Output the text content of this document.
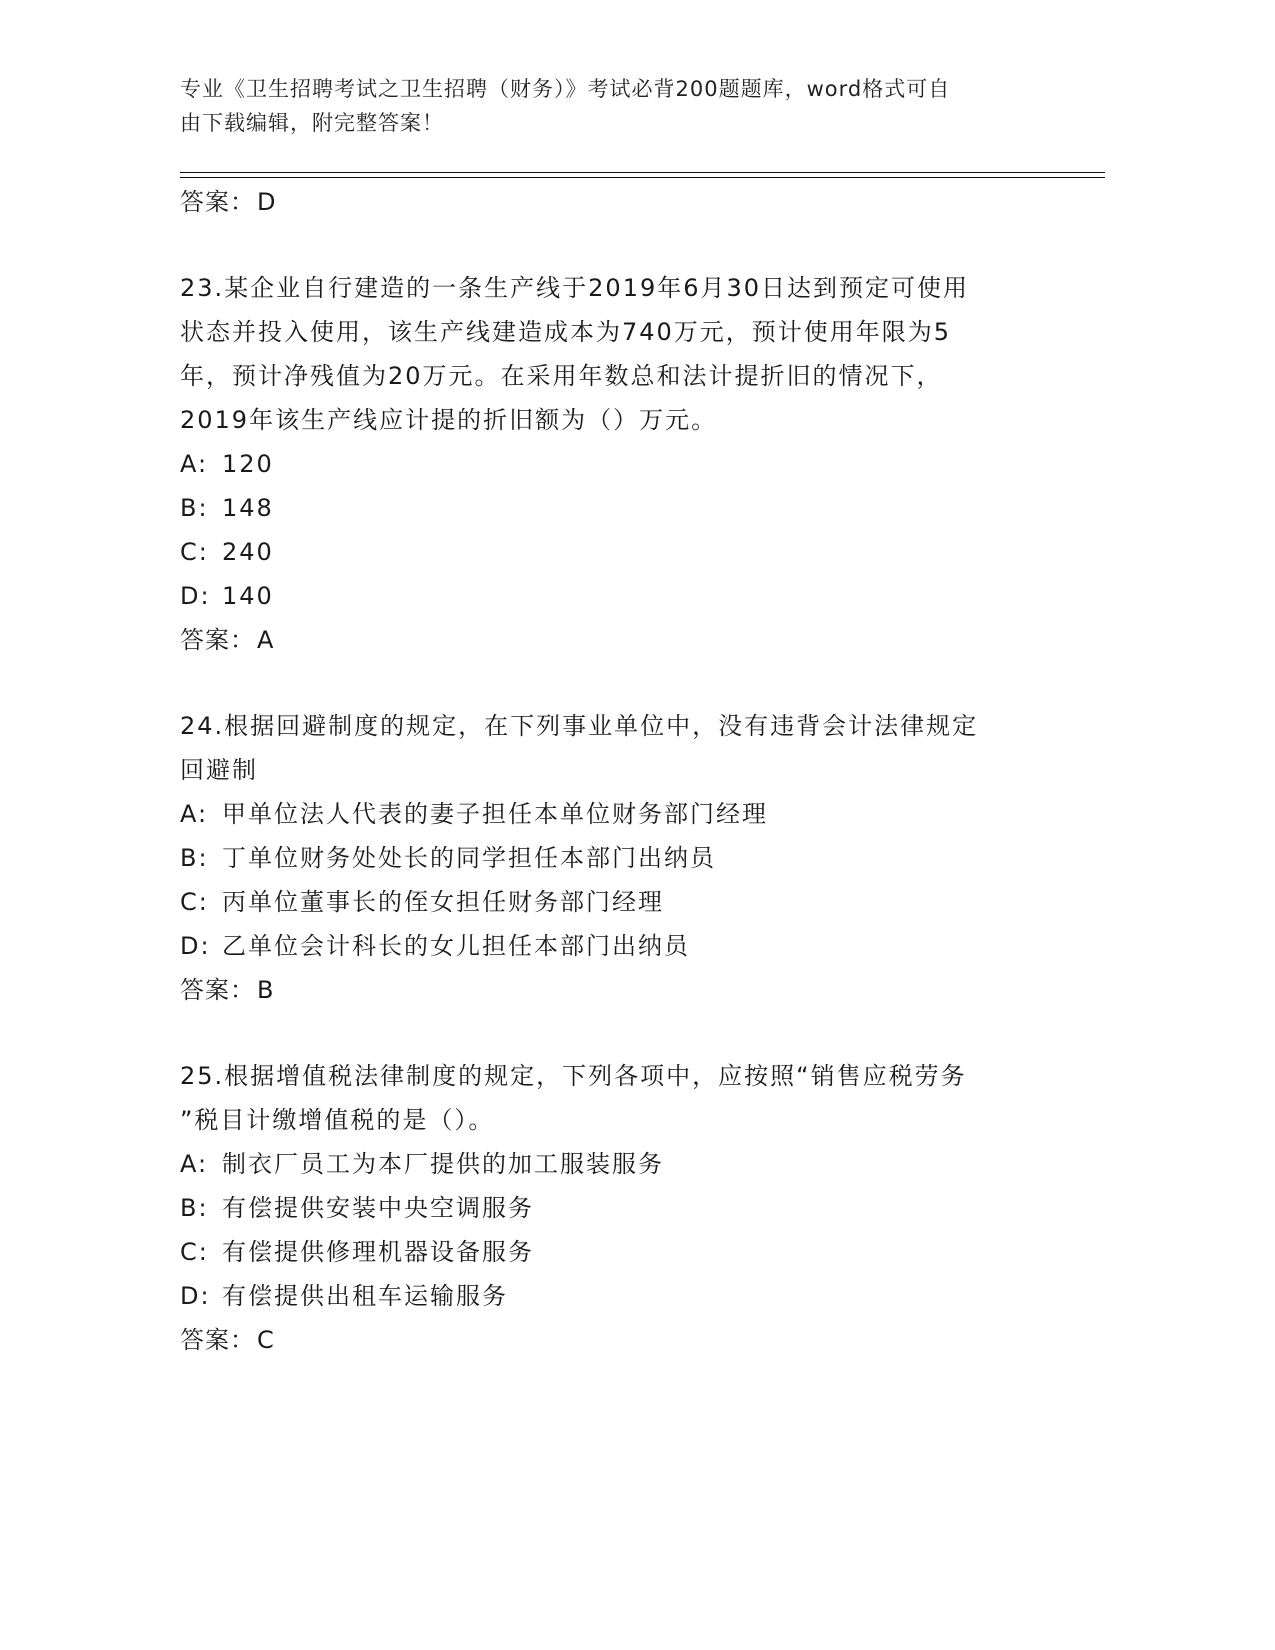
专业《卫生招聘考试之卫生招聘（财务）》考试必背200题题库，word格式可自
由下载编辑，附完整答案！
答案：D
23.某企业自行建造的一条生产线于2019年6月30日达到预定可使用
状态并投入使用，该生产线建造成本为740万元，预计使用年限为5
年，预计净残值为20万元。在采用年数总和法计提折旧的情况下，
2019年该生产线应计提的折旧额为（）万元。
A: 120
B: 148
C: 240
D: 140
答案：A
24.根据回避制度的规定，在下列事业单位中，没有违背会计法律规定
回避制
A: 甲单位法人代表的妻子担任本单位财务部门经理
B: 丁单位财务处处长的同学担任本部门出纳员
C: 丙单位董事长的侄女担任财务部门经理
D: 乙单位会计科长的女儿担任本部门出纳员
答案：B
25.根据增值税法律制度的规定，下列各项中，应按照“销售应税劳务
”税目计缴增值税的是（）。
A: 制衣厂员工为本厂提供的加工服装服务
B: 有偿提供安装中央空调服务
C: 有偿提供修理机器设备服务
D: 有偿提供出租车运输服务
答案：C
